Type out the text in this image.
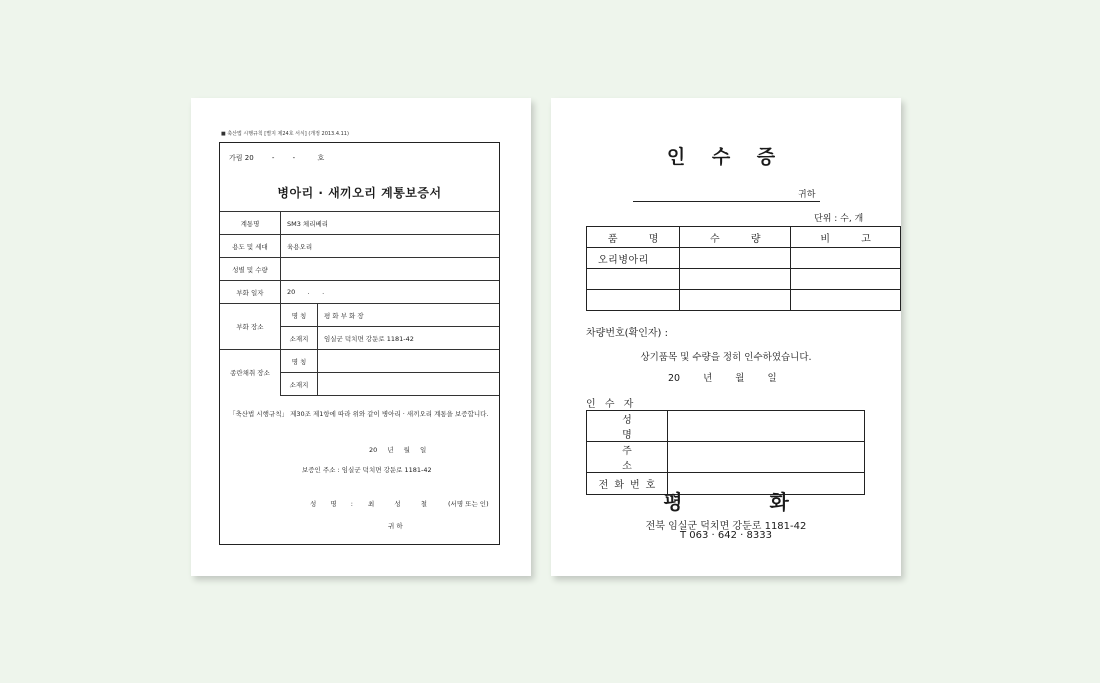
■ 축산법 시행규칙 [별지 제24호 서식] (개정 2013.4.11)
가림 20	-	-	호
병아리 · 새끼오리 계통보증서
계통명	SM3 체리베리	
용도 및 세대	육용오리	
성별 및 수량		
부화 일자	20      .      .	
부화 장소	명 칭	평 화 부 화 장
	소재지	임실군 덕치면 강둔로 1181-42
종란채취 장소	명 칭	
	소재지	
「축산법 시행규칙」 제30조 제1항에 따라 위와 같이 병아리 · 새끼오리 계통을 보증합니다.
20 년 월 일
보증인 주소 : 임실군 덕치면 강둔로 1181-42
성 명 : 최 성 철 (서명 또는 인)
귀 하
인 수 증
귀하
단위 : 수, 개
품 명	수 량	비 고
오리병아리		

차량번호(확인자) :
상기품목 및 수량을 정히 인수하였습니다.
20 년 월 일
인 수 자
성 명	
주 소	
전화번호	
평 화
전북 임실군 덕치면 강둔로 1181-42
T 063 · 642 · 8333
